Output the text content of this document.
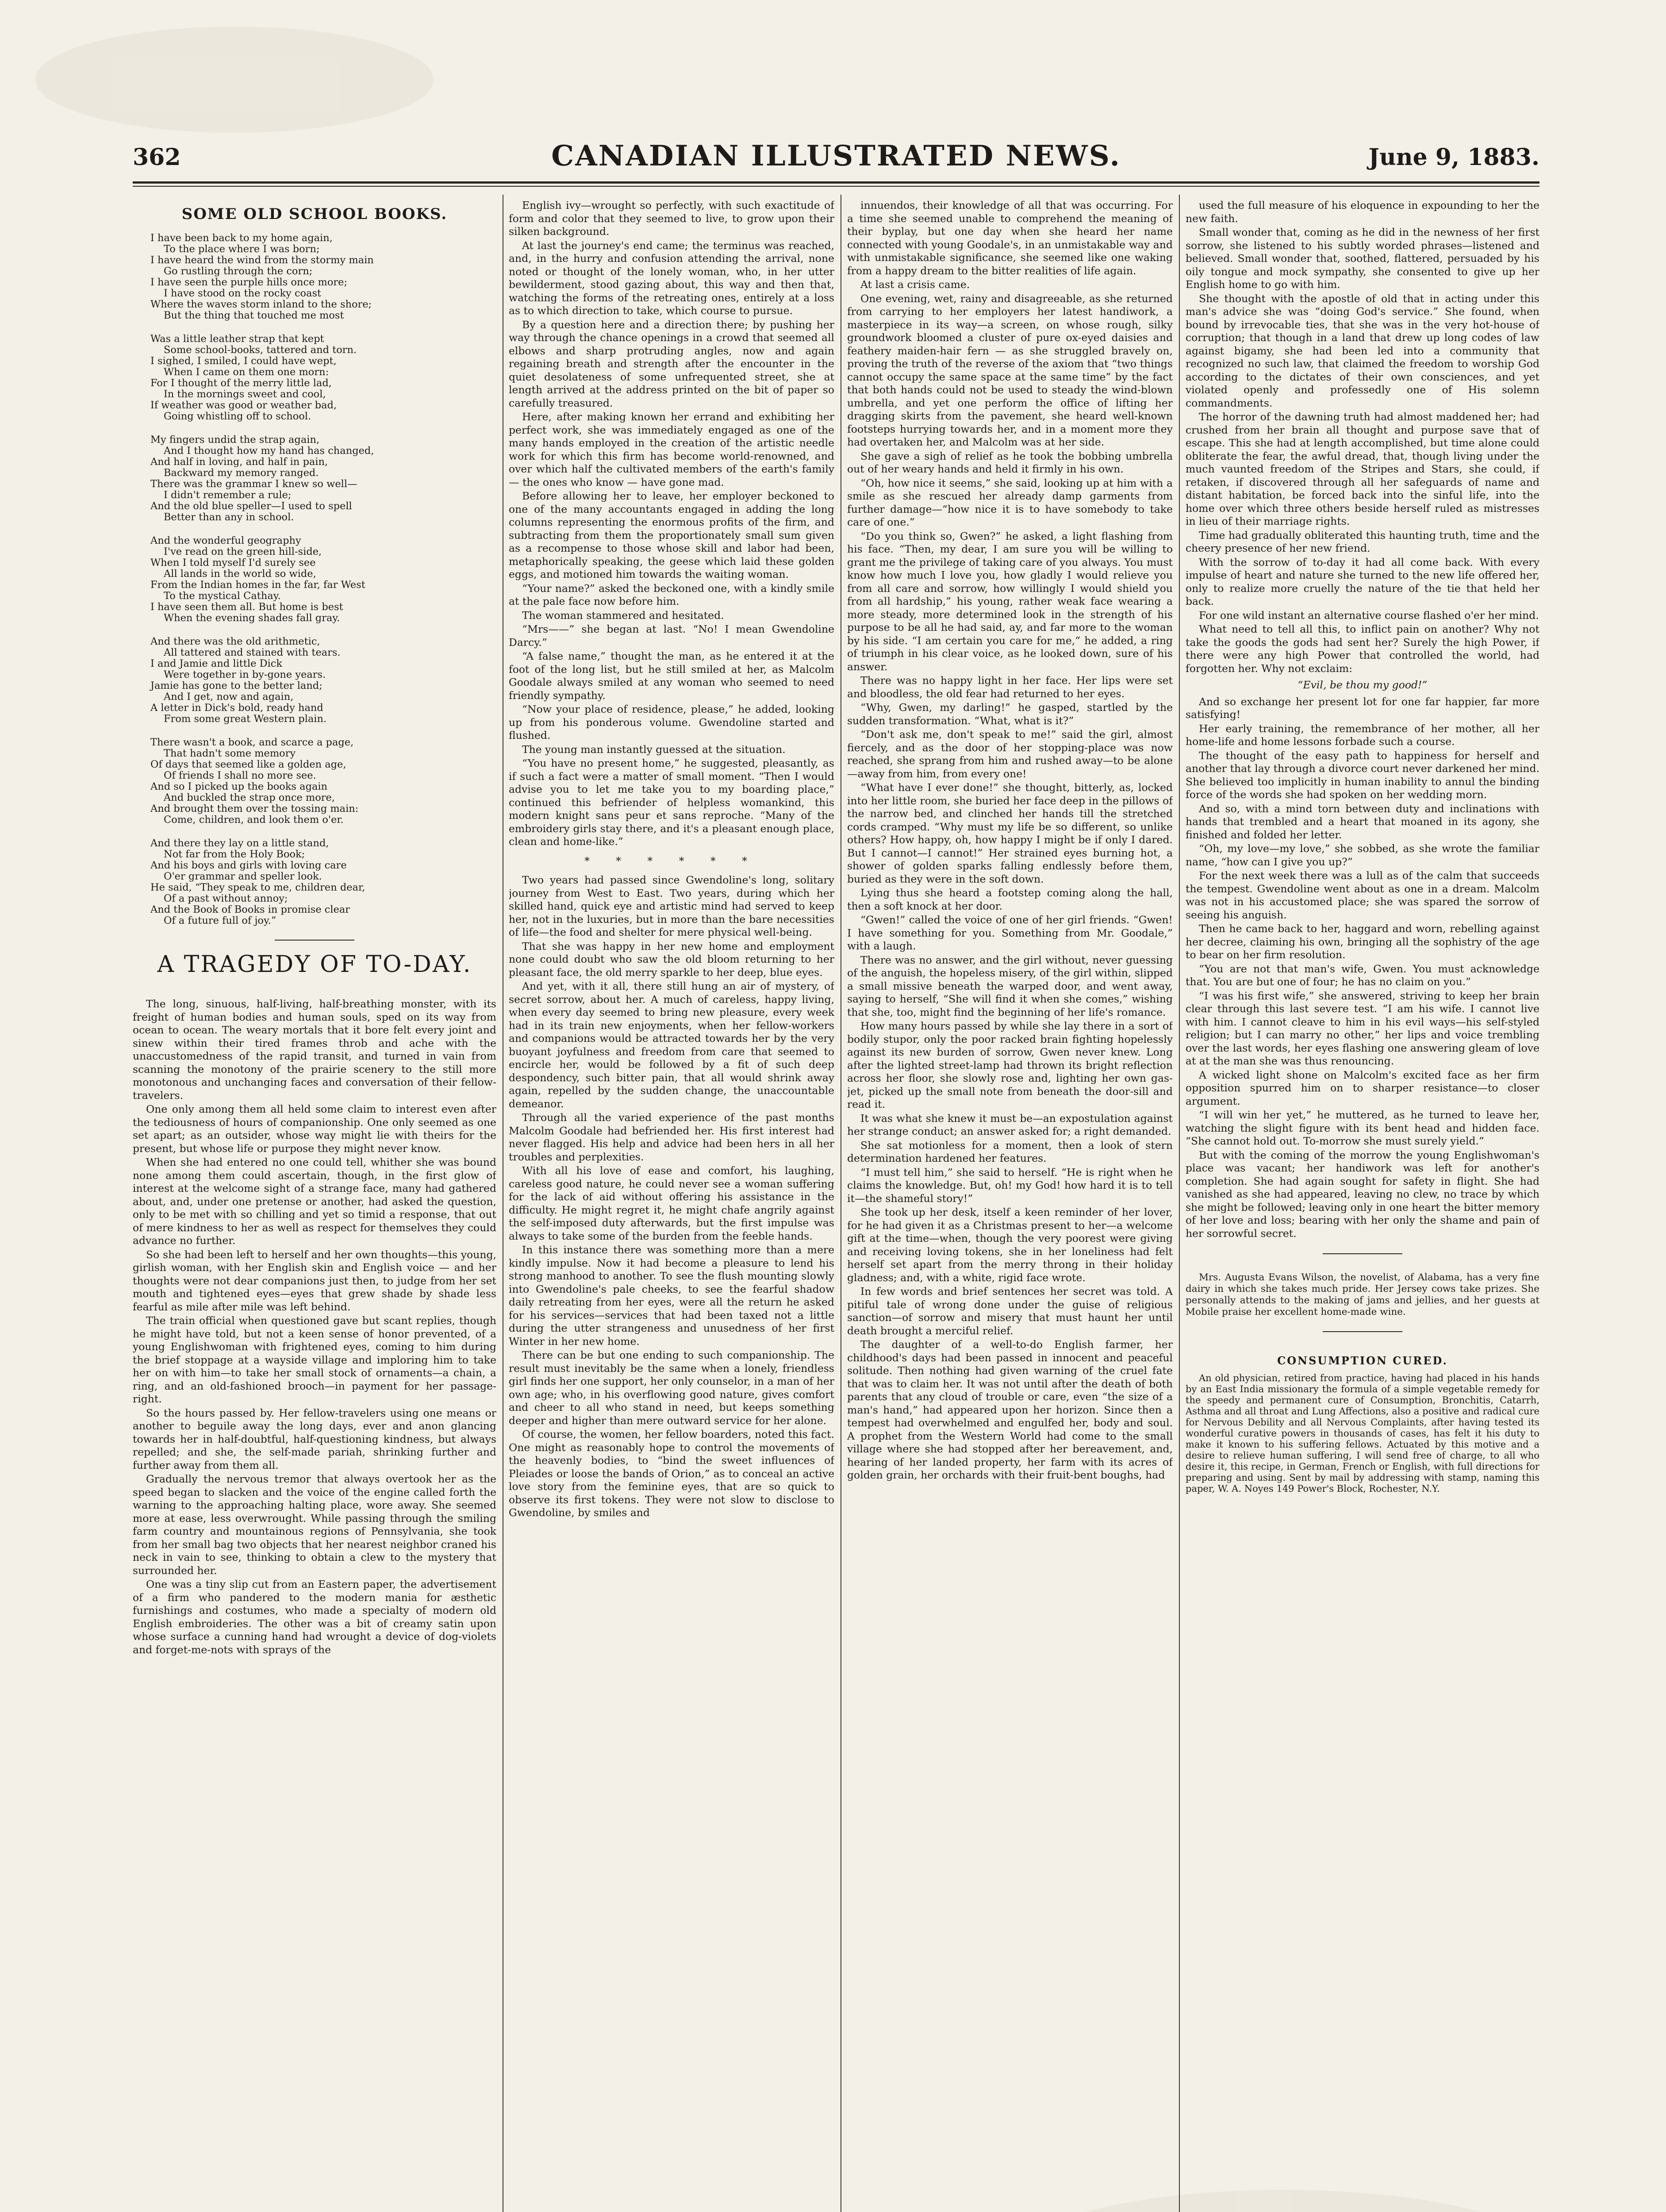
362	CANADIAN ILLUSTRATED NEWS.	June 9, 1883.
SOME OLD SCHOOL BOOKS.
I have been back to my home again,
To the place where I was born;
I have heard the wind from the stormy main
Go rustling through the corn;
I have seen the purple hills once more;
I have stood on the rocky coast
Where the waves storm inland to the shore;
But the thing that touched me most
Was a little leather strap that kept
Some school-books, tattered and torn.
I sighed, I smiled, I could have wept,
When I came on them one morn:
For I thought of the merry little lad,
In the mornings sweet and cool,
If weather was good or weather bad,
Going whistling off to school.
My fingers undid the strap again,
And I thought how my hand has changed,
And half in loving, and half in pain,
Backward my memory ranged.
There was the grammar I knew so well—
I didn't remember a rule;
And the old blue speller—I used to spell
Better than any in school.
And the wonderful geography
I've read on the green hill-side,
When I told myself I'd surely see
All lands in the world so wide,
From the Indian homes in the far, far West
To the mystical Cathay.
I have seen them all. But home is best
When the evening shades fall gray.
And there was the old arithmetic,
All tattered and stained with tears.
I and Jamie and little Dick
Were together in by-gone years.
Jamie has gone to the better land;
And I get, now and again,
A letter in Dick's bold, ready hand
From some great Western plain.
There wasn't a book, and scarce a page,
That hadn't some memory
Of days that seemed like a golden age,
Of friends I shall no more see.
And so I picked up the books again
And buckled the strap once more,
And brought them over the tossing main:
Come, children, and look them o'er.
And there they lay on a little stand,
Not far from the Holy Book;
And his boys and girls with loving care
O'er grammar and speller look.
He said, “They speak to me, children dear,
Of a past without annoy;
And the Book of Books in promise clear
Of a future full of joy.”
A TRAGEDY OF TO-DAY.

The long, sinuous, half-living, half-breathing monster, with its freight of human bodies and human souls, sped on its way from ocean to ocean. The weary mortals that it bore felt every joint and sinew within their tired frames throb and ache with the unaccustomedness of the rapid transit, and turned in vain from scanning the monotony of the prairie scenery to the still more monotonous and unchanging faces and conversation of their fellow-travelers.

One only among them all held some claim to interest even after the tediousness of hours of companionship. One only seemed as one set apart; as an outsider, whose way might lie with theirs for the present, but whose life or purpose they might never know.

When she had entered no one could tell, whither she was bound none among them could ascertain, though, in the first glow of interest at the welcome sight of a strange face, many had gathered about, and, under one pretense or another, had asked the question, only to be met with so chilling and yet so timid a response, that out of mere kindness to her as well as respect for themselves they could advance no further.

So she had been left to herself and her own thoughts—this young, girlish woman, with her English skin and English voice — and her thoughts were not dear companions just then, to judge from her set mouth and tightened eyes—eyes that grew shade by shade less fearful as mile after mile was left behind.

The train official when questioned gave but scant replies, though he might have told, but not a keen sense of honor prevented, of a young Englishwoman with frightened eyes, coming to him during the brief stoppage at a wayside village and imploring him to take her on with him—to take her small stock of ornaments—a chain, a ring, and an old-fashioned brooch—in payment for her passage-right.

So the hours passed by. Her fellow-travelers using one means or another to beguile away the long days, ever and anon glancing towards her in half-doubtful, half-questioning kindness, but always repelled; and she, the self-made pariah, shrinking further and further away from them all.

Gradually the nervous tremor that always overtook her as the speed began to slacken and the voice of the engine called forth the warning to the approaching halting place, wore away. She seemed more at ease, less overwrought. While passing through the smiling farm country and mountainous regions of Pennsylvania, she took from her small bag two objects that her nearest neighbor craned his neck in vain to see, thinking to obtain a clew to the mystery that surrounded her.

One was a tiny slip cut from an Eastern paper, the advertisement of a firm who pandered to the modern mania for æsthetic furnishings and costumes, who made a specialty of modern old English embroideries. The other was a bit of creamy satin upon whose surface a cunning hand had wrought a device of dog-violets and forget-me-nots with sprays of the

English ivy—wrought so perfectly, with such exactitude of form and color that they seemed to live, to grow upon their silken background.

At last the journey's end came; the terminus was reached, and, in the hurry and confusion attending the arrival, none noted or thought of the lonely woman, who, in her utter bewilderment, stood gazing about, this way and then that, watching the forms of the retreating ones, entirely at a loss as to which direction to take, which course to pursue.

By a question here and a direction there; by pushing her way through the chance openings in a crowd that seemed all elbows and sharp protruding angles, now and again regaining breath and strength after the encounter in the quiet desolateness of some unfrequented street, she at length arrived at the address printed on the bit of paper so carefully treasured.

Here, after making known her errand and exhibiting her perfect work, she was immediately engaged as one of the many hands employed in the creation of the artistic needle work for which this firm has become world-renowned, and over which half the cultivated members of the earth's family — the ones who know — have gone mad.

Before allowing her to leave, her employer beckoned to one of the many accountants engaged in adding the long columns representing the enormous profits of the firm, and subtracting from them the proportionately small sum given as a recompense to those whose skill and labor had been, metaphorically speaking, the geese which laid these golden eggs, and motioned him towards the waiting woman.

“Your name?” asked the beckoned one, with a kindly smile at the pale face now before him.

The woman stammered and hesitated.

“Mrs——” she began at last. “No! I mean Gwendoline Darcy.”

“A false name,” thought the man, as he entered it at the foot of the long list, but he still smiled at her, as Malcolm Goodale always smiled at any woman who seemed to need friendly sympathy.

“Now your place of residence, please,” he added, looking up from his ponderous volume. Gwendoline started and flushed.

The young man instantly guessed at the situation.

“You have no present home,” he suggested, pleasantly, as if such a fact were a matter of small moment. “Then I would advise you to let me take you to my boarding place,” continued this befriender of helpless womankind, this modern knight sans peur et sans reproche. “Many of the embroidery girls stay there, and it's a pleasant enough place, clean and home-like.”

* * * * * *

Two years had passed since Gwendoline's long, solitary journey from West to East. Two years, during which her skilled hand, quick eye and artistic mind had served to keep her, not in the luxuries, but in more than the bare necessities of life—the food and shelter for mere physical well-being.

That she was happy in her new home and employment none could doubt who saw the old bloom returning to her pleasant face, the old merry sparkle to her deep, blue eyes.

And yet, with it all, there still hung an air of mystery, of secret sorrow, about her. A much of careless, happy living, when every day seemed to bring new pleasure, every week had in its train new enjoyments, when her fellow-workers and companions would be attracted towards her by the very buoyant joyfulness and freedom from care that seemed to encircle her, would be followed by a fit of such deep despondency, such bitter pain, that all would shrink away again, repelled by the sudden change, the unaccountable demeanor.

Through all the varied experience of the past months Malcolm Goodale had befriended her. His first interest had never flagged. His help and advice had been hers in all her troubles and perplexities.

With all his love of ease and comfort, his laughing, careless good nature, he could never see a woman suffering for the lack of aid without offering his assistance in the difficulty. He might regret it, he might chafe angrily against the self-imposed duty afterwards, but the first impulse was always to take some of the burden from the feeble hands.

In this instance there was something more than a mere kindly impulse. Now it had become a pleasure to lend his strong manhood to another. To see the flush mounting slowly into Gwendoline's pale cheeks, to see the fearful shadow daily retreating from her eyes, were all the return he asked for his services—services that had been taxed not a little during the utter strangeness and unusedness of her first Winter in her new home.

There can be but one ending to such companionship. The result must inevitably be the same when a lonely, friendless girl finds her one support, her only counselor, in a man of her own age; who, in his overflowing good nature, gives comfort and cheer to all who stand in need, but keeps something deeper and higher than mere outward service for her alone.

Of course, the women, her fellow boarders, noted this fact. One might as reasonably hope to control the movements of the heavenly bodies, to “bind the sweet influences of Pleiades or loose the bands of Orion,” as to conceal an active love story from the feminine eyes, that are so quick to observe its first tokens. They were not slow to disclose to Gwendoline, by smiles and

innuendos, their knowledge of all that was occurring. For a time she seemed unable to comprehend the meaning of their byplay, but one day when she heard her name connected with young Goodale's, in an unmistakable way and with unmistakable significance, she seemed like one waking from a happy dream to the bitter realities of life again.

At last a crisis came.

One evening, wet, rainy and disagreeable, as she returned from carrying to her employers her latest handiwork, a masterpiece in its way—a screen, on whose rough, silky groundwork bloomed a cluster of pure ox-eyed daisies and feathery maiden-hair fern — as she struggled bravely on, proving the truth of the reverse of the axiom that “two things cannot occupy the same space at the same time” by the fact that both hands could not be used to steady the wind-blown umbrella, and yet one perform the office of lifting her dragging skirts from the pavement, she heard well-known footsteps hurrying towards her, and in a moment more they had overtaken her, and Malcolm was at her side.

She gave a sigh of relief as he took the bobbing umbrella out of her weary hands and held it firmly in his own.

“Oh, how nice it seems,” she said, looking up at him with a smile as she rescued her already damp garments from further damage—“how nice it is to have somebody to take care of one.”

“Do you think so, Gwen?” he asked, a light flashing from his face. “Then, my dear, I am sure you will be willing to grant me the privilege of taking care of you always. You must know how much I love you, how gladly I would relieve you from all care and sorrow, how willingly I would shield you from all hardship,” his young, rather weak face wearing a more steady, more determined look in the strength of his purpose to be all he had said, ay, and far more to the woman by his side. “I am certain you care for me,” he added, a ring of triumph in his clear voice, as he looked down, sure of his answer.

There was no happy light in her face. Her lips were set and bloodless, the old fear had returned to her eyes.

“Why, Gwen, my darling!” he gasped, startled by the sudden transformation. “What, what is it?”

“Don't ask me, don't speak to me!” said the girl, almost fiercely, and as the door of her stopping-place was now reached, she sprang from him and rushed away—to be alone—away from him, from every one!

“What have I ever done!” she thought, bitterly, as, locked into her little room, she buried her face deep in the pillows of the narrow bed, and clinched her hands till the stretched cords cramped. “Why must my life be so different, so unlike others? How happy, oh, how happy I might be if only I dared. But I cannot—I cannot!” Her strained eyes burning hot, a shower of golden sparks falling endlessly before them, buried as they were in the soft down.

Lying thus she heard a footstep coming along the hall, then a soft knock at her door.

“Gwen!” called the voice of one of her girl friends. “Gwen! I have something for you. Something from Mr. Goodale,” with a laugh.

There was no answer, and the girl without, never guessing of the anguish, the hopeless misery, of the girl within, slipped a small missive beneath the warped door, and went away, saying to herself, “She will find it when she comes,” wishing that she, too, might find the beginning of her life's romance.

How many hours passed by while she lay there in a sort of bodily stupor, only the poor racked brain fighting hopelessly against its new burden of sorrow, Gwen never knew. Long after the lighted street-lamp had thrown its bright reflection across her floor, she slowly rose and, lighting her own gas-jet, picked up the small note from beneath the door-sill and read it.

It was what she knew it must be—an expostulation against her strange conduct; an answer asked for; a right demanded.

She sat motionless for a moment, then a look of stern determination hardened her features.

“I must tell him,” she said to herself. “He is right when he claims the knowledge. But, oh! my God! how hard it is to tell it—the shameful story!”

She took up her desk, itself a keen reminder of her lover, for he had given it as a Christmas present to her—a welcome gift at the time—when, though the very poorest were giving and receiving loving tokens, she in her loneliness had felt herself set apart from the merry throng in their holiday gladness; and, with a white, rigid face wrote.

In few words and brief sentences her secret was told. A pitiful tale of wrong done under the guise of religious sanction—of sorrow and misery that must haunt her until death brought a merciful relief.

The daughter of a well-to-do English farmer, her childhood's days had been passed in innocent and peaceful solitude. Then nothing had given warning of the cruel fate that was to claim her. It was not until after the death of both parents that any cloud of trouble or care, even “the size of a man's hand,” had appeared upon her horizon. Since then a tempest had overwhelmed and engulfed her, body and soul. A prophet from the Western World had come to the small village where she had stopped after her bereavement, and, hearing of her landed property, her farm with its acres of golden grain, her orchards with their fruit-bent boughs, had

used the full measure of his eloquence in expounding to her the new faith.

Small wonder that, coming as he did in the newness of her first sorrow, she listened to his subtly worded phrases—listened and believed. Small wonder that, soothed, flattered, persuaded by his oily tongue and mock sympathy, she consented to give up her English home to go with him.

She thought with the apostle of old that in acting under this man's advice she was “doing God's service.” She found, when bound by irrevocable ties, that she was in the very hot-house of corruption; that though in a land that drew up long codes of law against bigamy, she had been led into a community that recognized no such law, that claimed the freedom to worship God according to the dictates of their own consciences, and yet violated openly and professedly one of His solemn commandments.

The horror of the dawning truth had almost maddened her; had crushed from her brain all thought and purpose save that of escape. This she had at length accomplished, but time alone could obliterate the fear, the awful dread, that, though living under the much vaunted freedom of the Stripes and Stars, she could, if retaken, if discovered through all her safeguards of name and distant habitation, be forced back into the sinful life, into the home over which three others beside herself ruled as mistresses in lieu of their marriage rights.

Time had gradually obliterated this haunting truth, time and the cheery presence of her new friend.

With the sorrow of to-day it had all come back. With every impulse of heart and nature she turned to the new life offered her, only to realize more cruelly the nature of the tie that held her back.

For one wild instant an alternative course flashed o'er her mind.

What need to tell all this, to inflict pain on another? Why not take the goods the gods had sent her? Surely the high Power, if there were any high Power that controlled the world, had forgotten her. Why not exclaim:

“Evil, be thou my good!”

And so exchange her present lot for one far happier, far more satisfying!

Her early training, the remembrance of her mother, all her home-life and home lessons forbade such a course.

The thought of the easy path to happiness for herself and another that lay through a divorce court never darkened her mind. She believed too implicitly in human inability to annul the binding force of the words she had spoken on her wedding morn.

And so, with a mind torn between duty and inclinations with hands that trembled and a heart that moaned in its agony, she finished and folded her letter.

“Oh, my love—my love,” she sobbed, as she wrote the familiar name, “how can I give you up?”

For the next week there was a lull as of the calm that succeeds the tempest. Gwendoline went about as one in a dream. Malcolm was not in his accustomed place; she was spared the sorrow of seeing his anguish.

Then he came back to her, haggard and worn, rebelling against her decree, claiming his own, bringing all the sophistry of the age to bear on her firm resolution.

“You are not that man's wife, Gwen. You must acknowledge that. You are but one of four; he has no claim on you.”

“I was his first wife,” she answered, striving to keep her brain clear through this last severe test. “I am his wife. I cannot live with him. I cannot cleave to him in his evil ways—his self-styled religion; but I can marry no other,” her lips and voice trembling over the last words, her eyes flashing one answering gleam of love at at the man she was thus renouncing.

A wicked light shone on Malcolm's excited face as her firm opposition spurred him on to sharper resistance—to closer argument.

“I will win her yet,” he muttered, as he turned to leave her, watching the slight figure with its bent head and hidden face. “She cannot hold out. To-morrow she must surely yield.”

But with the coming of the morrow the young Englishwoman's place was vacant; her handiwork was left for another's completion. She had again sought for safety in flight. She had vanished as she had appeared, leaving no clew, no trace by which she might be followed; leaving only in one heart the bitter memory of her love and loss; bearing with her only the shame and pain of her sorrowful secret.

Mrs. Augusta Evans Wilson, the novelist, of Alabama, has a very fine dairy in which she takes much pride. Her Jersey cows take prizes. She personally attends to the making of jams and jellies, and her guests at Mobile praise her excellent home-made wine.

CONSUMPTION CURED.

An old physician, retired from practice, having had placed in his hands by an East India missionary the formula of a simple vegetable remedy for the speedy and permanent cure of Consumption, Bronchitis, Catarrh, Asthma and all throat and Lung Affections, also a positive and radical cure for Nervous Debility and all Nervous Complaints, after having tested its wonderful curative powers in thousands of cases, has felt it his duty to make it known to his suffering fellows. Actuated by this motive and a desire to relieve human suffering, I will send free of charge, to all who desire it, this recipe, in German, French or English, with full directions for preparing and using. Sent by mail by addressing with stamp, naming this paper, W. A. Noyes 149 Power's Block, Rochester, N.Y.
